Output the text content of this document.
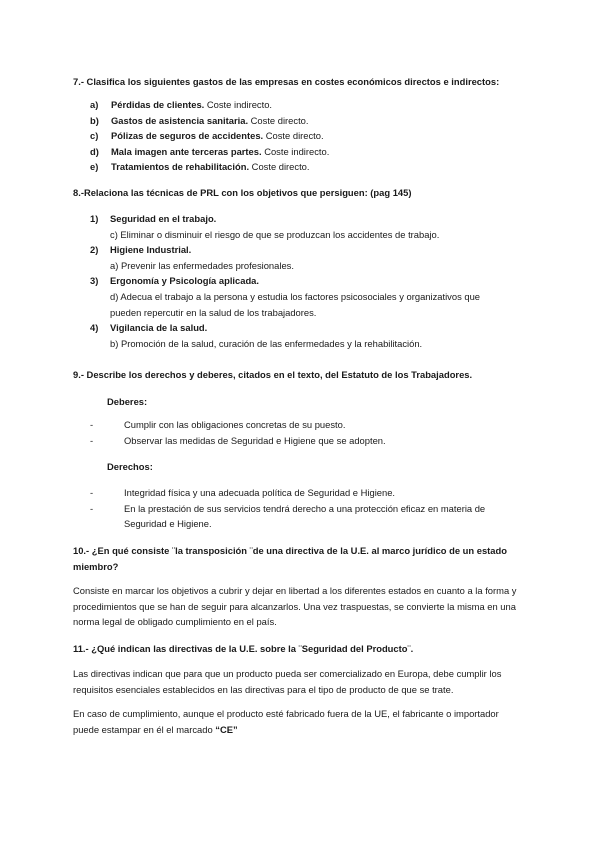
7.- Clasifica los siguientes gastos de las empresas en costes económicos directos e indirectos:
a) Pérdidas de clientes. Coste indirecto.
b) Gastos de asistencia sanitaria. Coste directo.
c) Pólizas de seguros de accidentes. Coste directo.
d) Mala imagen ante terceras partes. Coste indirecto.
e) Tratamientos de rehabilitación. Coste directo.
8.-Relaciona las técnicas de PRL con los objetivos que persiguen: (pag 145)
1) Seguridad en el trabajo.
c) Eliminar o disminuir el riesgo de que se produzcan los accidentes de trabajo.
2) Higiene Industrial.
a) Prevenir las enfermedades profesionales.
3) Ergonomía y Psicología aplicada.
d) Adecua el trabajo a la persona y estudia los factores psicosociales y organizativos que pueden repercutir en la salud de los trabajadores.
4) Vigilancia de la salud.
b) Promoción de la salud, curación de las enfermedades y la rehabilitación.
9.- Describe los derechos y deberes, citados en el texto, del Estatuto de los Trabajadores.
Deberes:
-	Cumplir con las obligaciones concretas de su puesto.
-	Observar las medidas de Seguridad e Higiene que se adopten.
Derechos:
-	Integridad física y una adecuada política de Seguridad e Higiene.
-	En la prestación de sus servicios tendrá derecho a una protección eficaz en materia de Seguridad e Higiene.
10.- ¿En qué consiste ¨la transposición ¨de una directiva de la U.E. al marco jurídico de un estado miembro?

Consiste en marcar los objetivos a cubrir y dejar en libertad a los diferentes estados en cuanto a la forma y procedimientos que se han de seguir para alcanzarlos. Una vez traspuestas, se convierte la misma en una norma legal de obligado cumplimiento en el país.

11.- ¿Qué indican las directivas de la U.E. sobre la ¨Seguridad del Producto¨.

Las directivas indican que para que un producto pueda ser comercializado en Europa, debe cumplir los requisitos esenciales establecidos en las directivas para el tipo de producto de que se trate.

En caso de cumplimiento, aunque el producto esté fabricado fuera de la UE, el fabricante o importador puede estampar en él el marcado “CE”
